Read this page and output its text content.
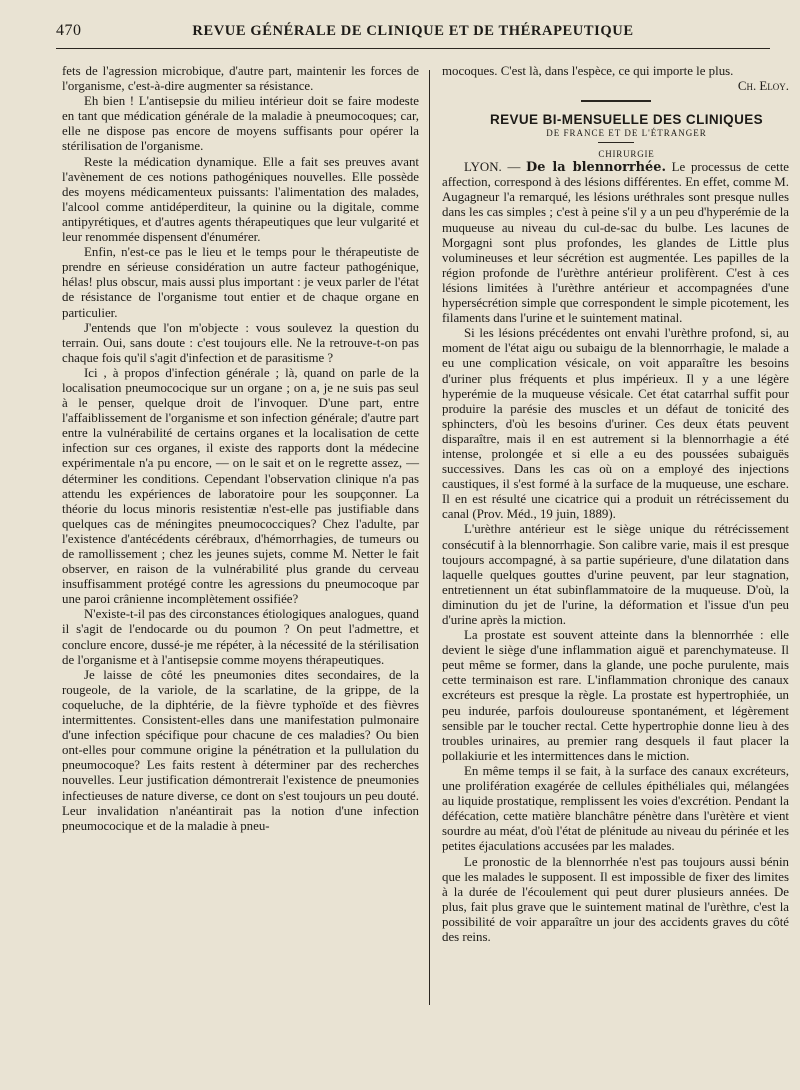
470	REVUE GÉNÉRALE DE CLINIQUE ET DE THÉRAPEUTIQUE

fets de l'agression microbique, d'autre part, maintenir les forces de l'organisme, c'est-à-dire augmenter sa résistance.

Eh bien ! L'antisepsie du milieu intérieur doit se faire modeste en tant que médication générale de la maladie à pneumocoques; car, elle ne dispose pas encore de moyens suffisants pour opérer la stérilisation de l'organisme.

Reste la médication dynamique. Elle a fait ses preuves avant l'avènement de ces notions pathogéniques nouvelles. Elle possède des moyens médicamenteux puissants: l'alimentation des malades, l'alcool comme antidéperditeur, la quinine ou la digitale, comme antipyrétiques, et d'autres agents thérapeutiques que leur vulgarité et leur renommée dispensent d'énumérer.

Enfin, n'est-ce pas le lieu et le temps pour le thérapeutiste de prendre en sérieuse considération un autre facteur pathogénique, hélas! plus obscur, mais aussi plus important : je veux parler de l'état de résistance de l'organisme tout entier et de chaque organe en particulier.

J'entends que l'on m'objecte : vous soulevez la question du terrain. Oui, sans doute : c'est toujours elle. Ne la retrouve-t-on pas chaque fois qu'il s'agit d'infection et de parasitisme ?

Ici , à propos d'infection générale ; là, quand on parle de la localisation pneumococique sur un organe ; on a, je ne suis pas seul à le penser, quelque droit de l'invoquer. D'une part, entre l'affaiblissement de l'organisme et son infection générale; d'autre part entre la vulnérabilité de certains organes et la localisation de cette infection sur ces organes, il existe des rapports dont la médecine expérimentale n'a pu encore, — on le sait et on le regrette assez, — déterminer les conditions. Cependant l'observation clinique n'a pas attendu les expériences de laboratoire pour les soupçonner. La théorie du locus minoris resistentiæ n'est-elle pas justifiable dans quelques cas de méningites pneumococciques? Chez l'adulte, par l'existence d'antécédents cérébraux, d'hémorrhagies, de tumeurs ou de ramollissement ; chez les jeunes sujets, comme M. Netter le fait observer, en raison de la vulnérabilité plus grande du cerveau insuffisamment protégé contre les agressions du pneumocoque par une paroi crânienne incomplètement ossifiée?

N'existe-t-il pas des circonstances étiologiques analogues, quand il s'agit de l'endocarde ou du poumon ? On peut l'admettre, et conclure encore, dussé-je me répéter, à la nécessité de la stérilisation de l'organisme et à l'antisepsie comme moyens thérapeutiques.

Je laisse de côté les pneumonies dites secondaires, de la rougeole, de la variole, de la scarlatine, de la grippe, de la coqueluche, de la diphtérie, de la fièvre typhoïde et des fièvres intermittentes. Consistent-elles dans une manifestation pulmonaire d'une infection spécifique pour chacune de ces maladies? Ou bien ont-elles pour commune origine la pénétration et la pullulation du pneumocoque? Les faits restent à déterminer par des recherches nouvelles. Leur justification démontrerait l'existence de pneumonies infectieuses de nature diverse, ce dont on s'est toujours un peu douté. Leur invalidation n'anéantirait pas la notion d'une infection pneumococique et de la maladie à pneu-

mocoques. C'est là, dans l'espèce, ce qui importe le plus.

Ch. Eloy.

REVUE BI-MENSUELLE DES CLINIQUES

DE FRANCE ET DE L'ÉTRANGER

CHIRURGIE

LYON. — De la blennorrhée. Le processus de cette affection, correspond à des lésions différentes. En effet, comme M. Augagneur l'a remarqué, les lésions uréthrales sont presque nulles dans les cas simples ; c'est à peine s'il y a un peu d'hyperémie de la muqueuse au niveau du cul-de-sac du bulbe. Les lacunes de Morgagni sont plus profondes, les glandes de Little plus volumineuses et leur sécrétion est augmentée. Les papilles de la région profonde de l'urèthre antérieur prolifèrent. C'est à ces lésions limitées à l'urèthre antérieur et accompagnées d'une hypersécrétion simple que correspondent le simple picotement, les filaments dans l'urine et le suintement matinal.

Si les lésions précédentes ont envahi l'urèthre profond, si, au moment de l'état aigu ou subaigu de la blennorrhagie, le malade a eu une complication vésicale, on voit apparaître les besoins d'uriner plus fréquents et plus impérieux. Il y a une légère hyperémie de la muqueuse vésicale. Cet état catarrhal suffit pour produire la parésie des muscles et un défaut de tonicité des sphincters, d'où les besoins d'uriner. Ces deux états peuvent disparaître, mais il en est autrement si la blennorrhagie a été intense, prolongée et si elle a eu des poussées subaiguës successives. Dans les cas où on a employé des injections caustiques, il s'est formé à la surface de la muqueuse, une eschare. Il en est résulté une cicatrice qui a produit un rétrécissement du canal (Prov. Méd., 19 juin, 1889).

L'urèthre antérieur est le siège unique du rétrécissement consécutif à la blennorrhagie. Son calibre varie, mais il est presque toujours accompagné, à sa partie supérieure, d'une dilatation dans laquelle quelques gouttes d'urine peuvent, par leur stagnation, entretiennent un état subinflammatoire de la muqueuse. D'où, la diminution du jet de l'urine, la déformation et l'issue d'un peu d'urine après la miction.

La prostate est souvent atteinte dans la blennorrhée : elle devient le siège d'une inflammation aiguë et parenchymateuse. Il peut même se former, dans la glande, une poche purulente, mais cette terminaison est rare. L'inflammation chronique des canaux excréteurs est presque la règle. La prostate est hypertrophiée, un peu indurée, parfois douloureuse spontanément, et légèrement sensible par le toucher rectal. Cette hypertrophie donne lieu à des troubles urinaires, au premier rang desquels il faut placer la pollakiurie et les intermittences dans le miction.

En même temps il se fait, à la surface des canaux excréteurs, une prolifération exagérée de cellules épithéliales qui, mélangées au liquide prostatique, remplissent les voies d'excrétion. Pendant la défécation, cette matière blanchâtre pénètre dans l'urètère et vient sourdre au méat, d'où l'état de plénitude au niveau du périnée et les petites éjaculations accusées par les malades.

Le pronostic de la blennorrhée n'est pas toujours aussi bénin que les malades le supposent. Il est impossible de fixer des limites à la durée de l'écoulement qui peut durer plusieurs années. De plus, fait plus grave que le suintement matinal de l'urèthre, c'est la possibilité de voir apparaître un jour des accidents graves du côté des reins.
